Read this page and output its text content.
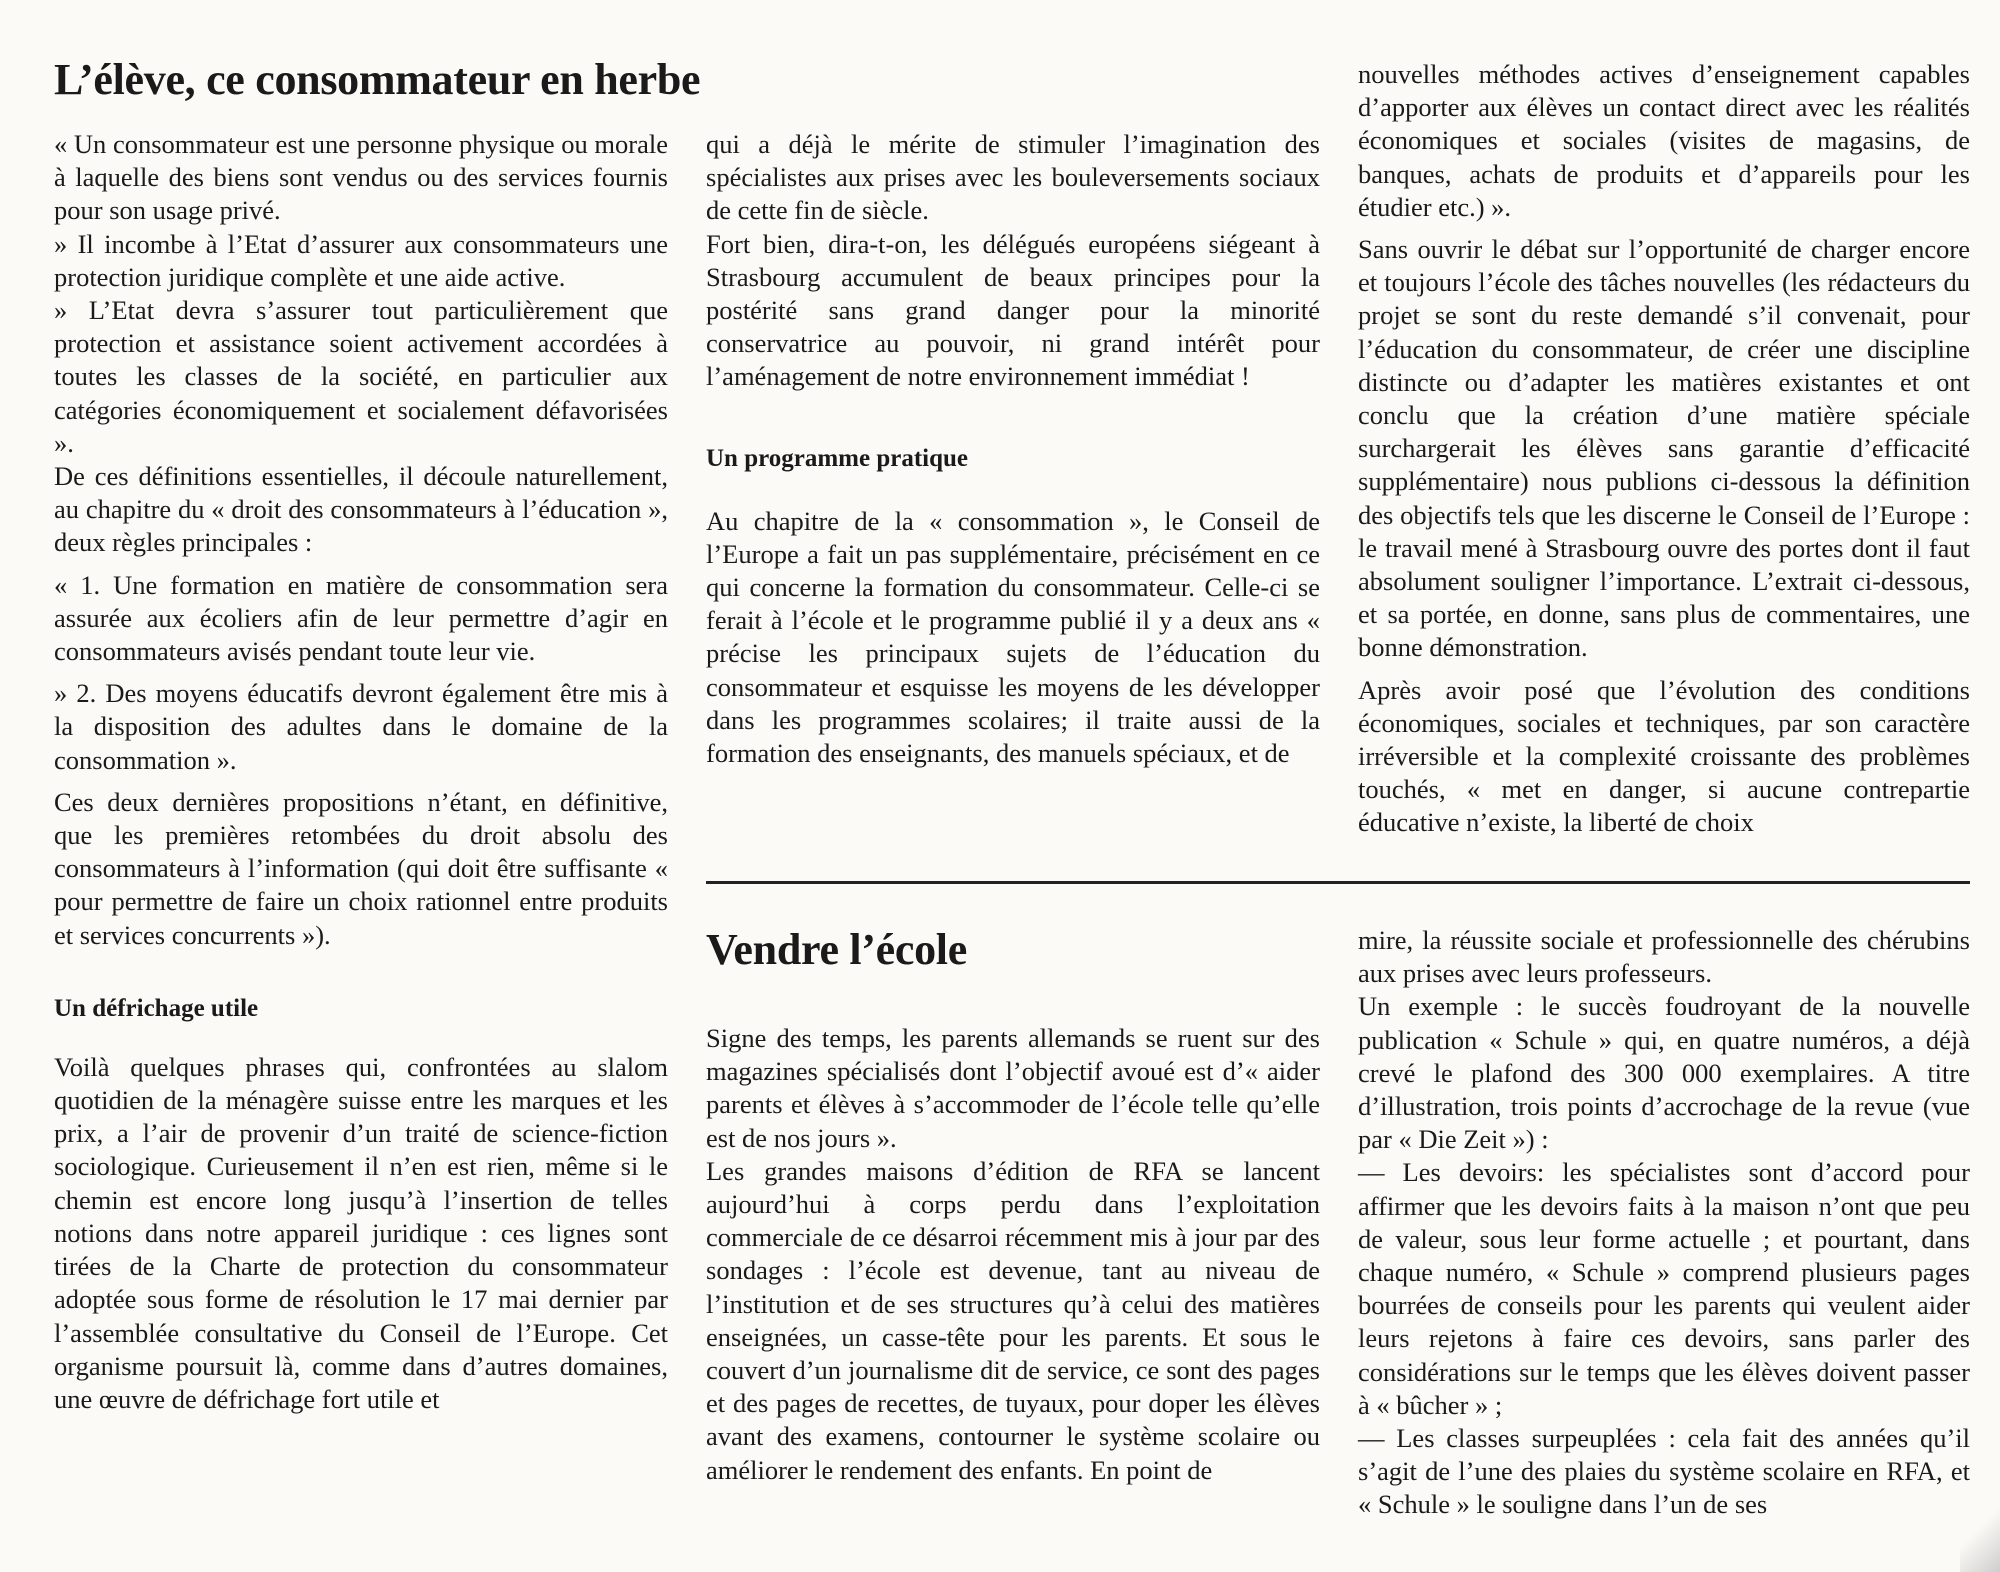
L’élève, ce consommateur en herbe

« Un consommateur est une personne physique ou morale à laquelle des biens sont vendus ou des services fournis pour son usage privé.

» Il incombe à l’Etat d’assurer aux consommateurs une protection juridique complète et une aide active.

» L’Etat devra s’assurer tout particulièrement que protection et assistance soient activement accordées à toutes les classes de la société, en particulier aux catégories économiquement et socialement défavorisées ».

De ces définitions essentielles, il découle naturellement, au chapitre du « droit des consommateurs à l’éducation », deux règles principales :

« 1. Une formation en matière de consommation sera assurée aux écoliers afin de leur permettre d’agir en consommateurs avisés pendant toute leur vie.

» 2. Des moyens éducatifs devront également être mis à la disposition des adultes dans le domaine de la consommation ».

Ces deux dernières propositions n’étant, en définitive, que les premières retombées du droit absolu des consommateurs à l’information (qui doit être suffisante « pour permettre de faire un choix rationnel entre produits et services concurrents »).

Un défrichage utile

Voilà quelques phrases qui, confrontées au slalom quotidien de la ménagère suisse entre les marques et les prix, a l’air de provenir d’un traité de science-fiction sociologique. Curieusement il n’en est rien, même si le chemin est encore long jusqu’à l’insertion de telles notions dans notre appareil juridique : ces lignes sont tirées de la Charte de protection du consommateur adoptée sous forme de résolution le 17 mai dernier par l’assemblée consultative du Conseil de l’Europe. Cet organisme poursuit là, comme dans d’autres domaines, une œuvre de défrichage fort utile et

qui a déjà le mérite de stimuler l’imagination des spécialistes aux prises avec les bouleversements sociaux de cette fin de siècle.

Fort bien, dira-t-on, les délégués européens siégeant à Strasbourg accumulent de beaux principes pour la postérité sans grand danger pour la minorité conservatrice au pouvoir, ni grand intérêt pour l’aménagement de notre environnement immédiat !

Un programme pratique

Au chapitre de la « consommation », le Conseil de l’Europe a fait un pas supplémentaire, précisément en ce qui concerne la formation du consommateur. Celle-ci se ferait à l’école et le programme publié il y a deux ans « précise les principaux sujets de l’éducation du consommateur et esquisse les moyens de les développer dans les programmes scolaires; il traite aussi de la formation des enseignants, des manuels spéciaux, et de

nouvelles méthodes actives d’enseignement capables d’apporter aux élèves un contact direct avec les réalités économiques et sociales (visites de magasins, de banques, achats de produits et d’appareils pour les étudier etc.) ».

Sans ouvrir le débat sur l’opportunité de charger encore et toujours l’école des tâches nouvelles (les rédacteurs du projet se sont du reste demandé s’il convenait, pour l’éducation du consommateur, de créer une discipline distincte ou d’adapter les matières existantes et ont conclu que la création d’une matière spéciale surchargerait les élèves sans garantie d’efficacité supplémentaire) nous publions ci-dessous la définition des objectifs tels que les discerne le Conseil de l’Europe : le travail mené à Strasbourg ouvre des portes dont il faut absolument souligner l’importance. L’extrait ci-dessous, et sa portée, en donne, sans plus de commentaires, une bonne démonstration.

Après avoir posé que l’évolution des conditions économiques, sociales et techniques, par son caractère irréversible et la complexité croissante des problèmes touchés, « met en danger, si aucune contrepartie éducative n’existe, la liberté de choix

Vendre l’école

Signe des temps, les parents allemands se ruent sur des magazines spécialisés dont l’objectif avoué est d’« aider parents et élèves à s’accommoder de l’école telle qu’elle est de nos jours ».

Les grandes maisons d’édition de RFA se lancent aujourd’hui à corps perdu dans l’exploitation commerciale de ce désarroi récemment mis à jour par des sondages : l’école est devenue, tant au niveau de l’institution et de ses structures qu’à celui des matières enseignées, un casse-tête pour les parents. Et sous le couvert d’un journalisme dit de service, ce sont des pages et des pages de recettes, de tuyaux, pour doper les élèves avant des examens, contourner le système scolaire ou améliorer le rendement des enfants. En point de

mire, la réussite sociale et professionnelle des chérubins aux prises avec leurs professeurs.

Un exemple : le succès foudroyant de la nouvelle publication « Schule » qui, en quatre numéros, a déjà crevé le plafond des 300 000 exemplaires. A titre d’illustration, trois points d’accrochage de la revue (vue par « Die Zeit ») :

— Les devoirs: les spécialistes sont d’accord pour affirmer que les devoirs faits à la maison n’ont que peu de valeur, sous leur forme actuelle ; et pourtant, dans chaque numéro, « Schule » comprend plusieurs pages bourrées de conseils pour les parents qui veulent aider leurs rejetons à faire ces devoirs, sans parler des considérations sur le temps que les élèves doivent passer à « bûcher » ;

— Les classes surpeuplées : cela fait des années qu’il s’agit de l’une des plaies du système scolaire en RFA, et « Schule » le souligne dans l’un de ses
